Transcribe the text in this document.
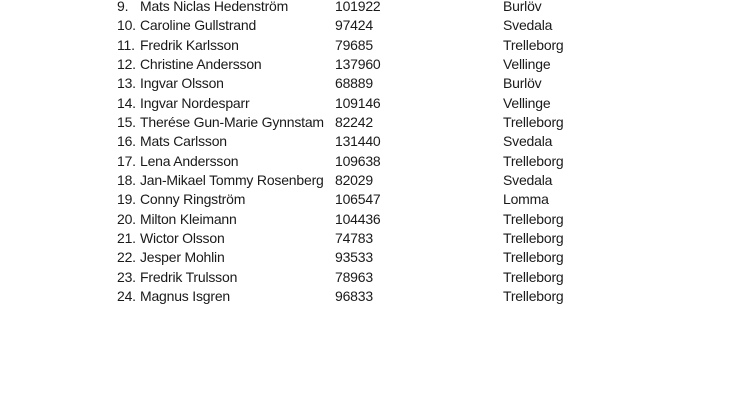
9. Mats Niclas Hedenström	101922	Burlöv
10. Caroline Gullstrand	97424	Svedala
11. Fredrik Karlsson	79685	Trelleborg
12. Christine Andersson	137960	Vellinge
13. Ingvar Olsson	68889	Burlöv
14. Ingvar Nordesparr	109146	Vellinge
15. Therése Gun-Marie Gynnstam 82242	Trelleborg
16. Mats Carlsson	131440	Svedala
17. Lena Andersson	109638	Trelleborg
18. Jan-Mikael Tommy Rosenberg 82029	Svedala
19. Conny Ringström	106547	Lomma
20. Milton Kleimann	104436	Trelleborg
21. Wictor Olsson	74783	Trelleborg
22. Jesper Mohlin	93533	Trelleborg
23. Fredrik Trulsson	78963	Trelleborg
24. Magnus Isgren	96833	Trelleborg
